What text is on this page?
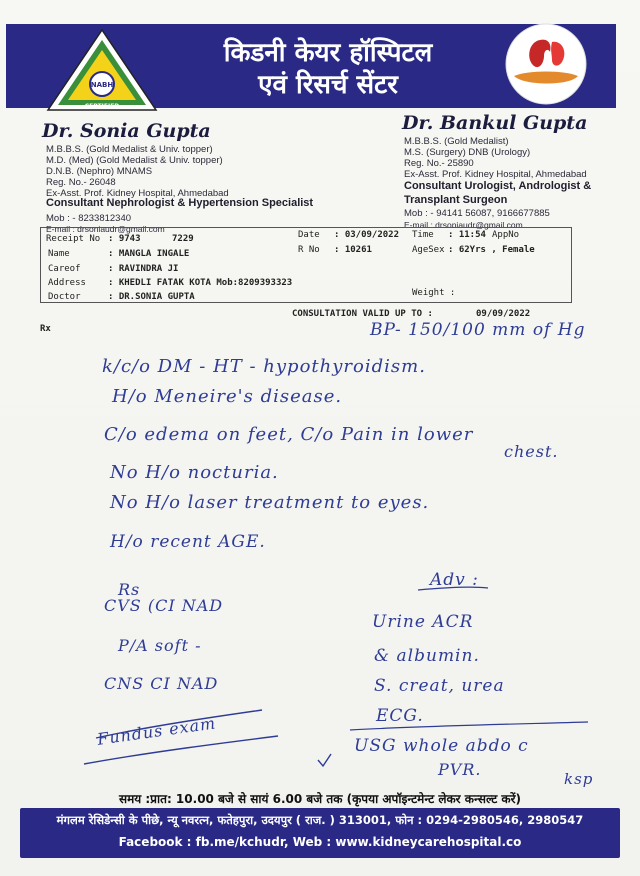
NABH
CERTIFIED
किडनी केयर हॉस्पिटल
एवं रिसर्च सेंटर
Dr. Sonia Gupta
M.B.B.S. (Gold Medalist & Univ. topper)
M.D. (Med) (Gold Medalist & Univ. topper)
D.N.B. (Nephro) MNAMS
Reg. No.- 26048
Ex-Asst. Prof. Kidney Hospital, Ahmedabad
Consultant Nephrologist & Hypertension Specialist
Mob : - 8233812340
E-mail : drsoniaudr@gmail.com
Dr. Bankul Gupta
M.B.B.S. (Gold Medalist)
M.S. (Surgery) DNB (Urology)
Reg. No.- 25890
Ex-Asst. Prof. Kidney Hospital, Ahmedabad
Consultant Urologist, Andrologist &
Transplant Surgeon
Mob : - 94141 56087, 9166677885
E-mail : drsoniaudr@gmail.com
Receipt No : 9743	7229	Date : 03/09/2022 Time : 11:54 AppNo
Name	: MANGLA INGALE	R No : 10261	AgeSex : 62Yrs , Female
Careof	: RAVINDRA JI
Address : KHEDLI FATAK KOTA Mob:8209393323
Doctor	: DR.SONIA GUPTA	Weight :
CONSULTATION VALID UP TO :	09/09/2022
Rx	BP- 150/100 mm of Hg
k/c/o DM - HT - hypothyroidism.
H/o Meneire's disease.
C/o edema on feet, C/o Pain in lower
chest.
No H/o nocturia.
No H/o laser treatment to eyes.
H/o recent AGE.
Rs
CVS (CI NAD
P/A soft -
CNS CI NAD
Adv :
Urine ACR
& albumin.
S. creat, urea
ECG.
USG whole abdo c
PVR.
Fundus exam
ksp
समय :प्रात: 10.00 बजे से सायं 6.00 बजे तक (कृपया अपॉइन्टमेन्ट लेकर कन्सल्ट करें)
मंगलम रेसिडेन्सी के पीछे, न्यू नवरत्न, फतेहपुरा, उदयपुर ( राज. ) 313001, फोन : 0294-2980546, 2980547
Facebook : fb.me/kchudr, Web : www.kidneycarehospital.co
